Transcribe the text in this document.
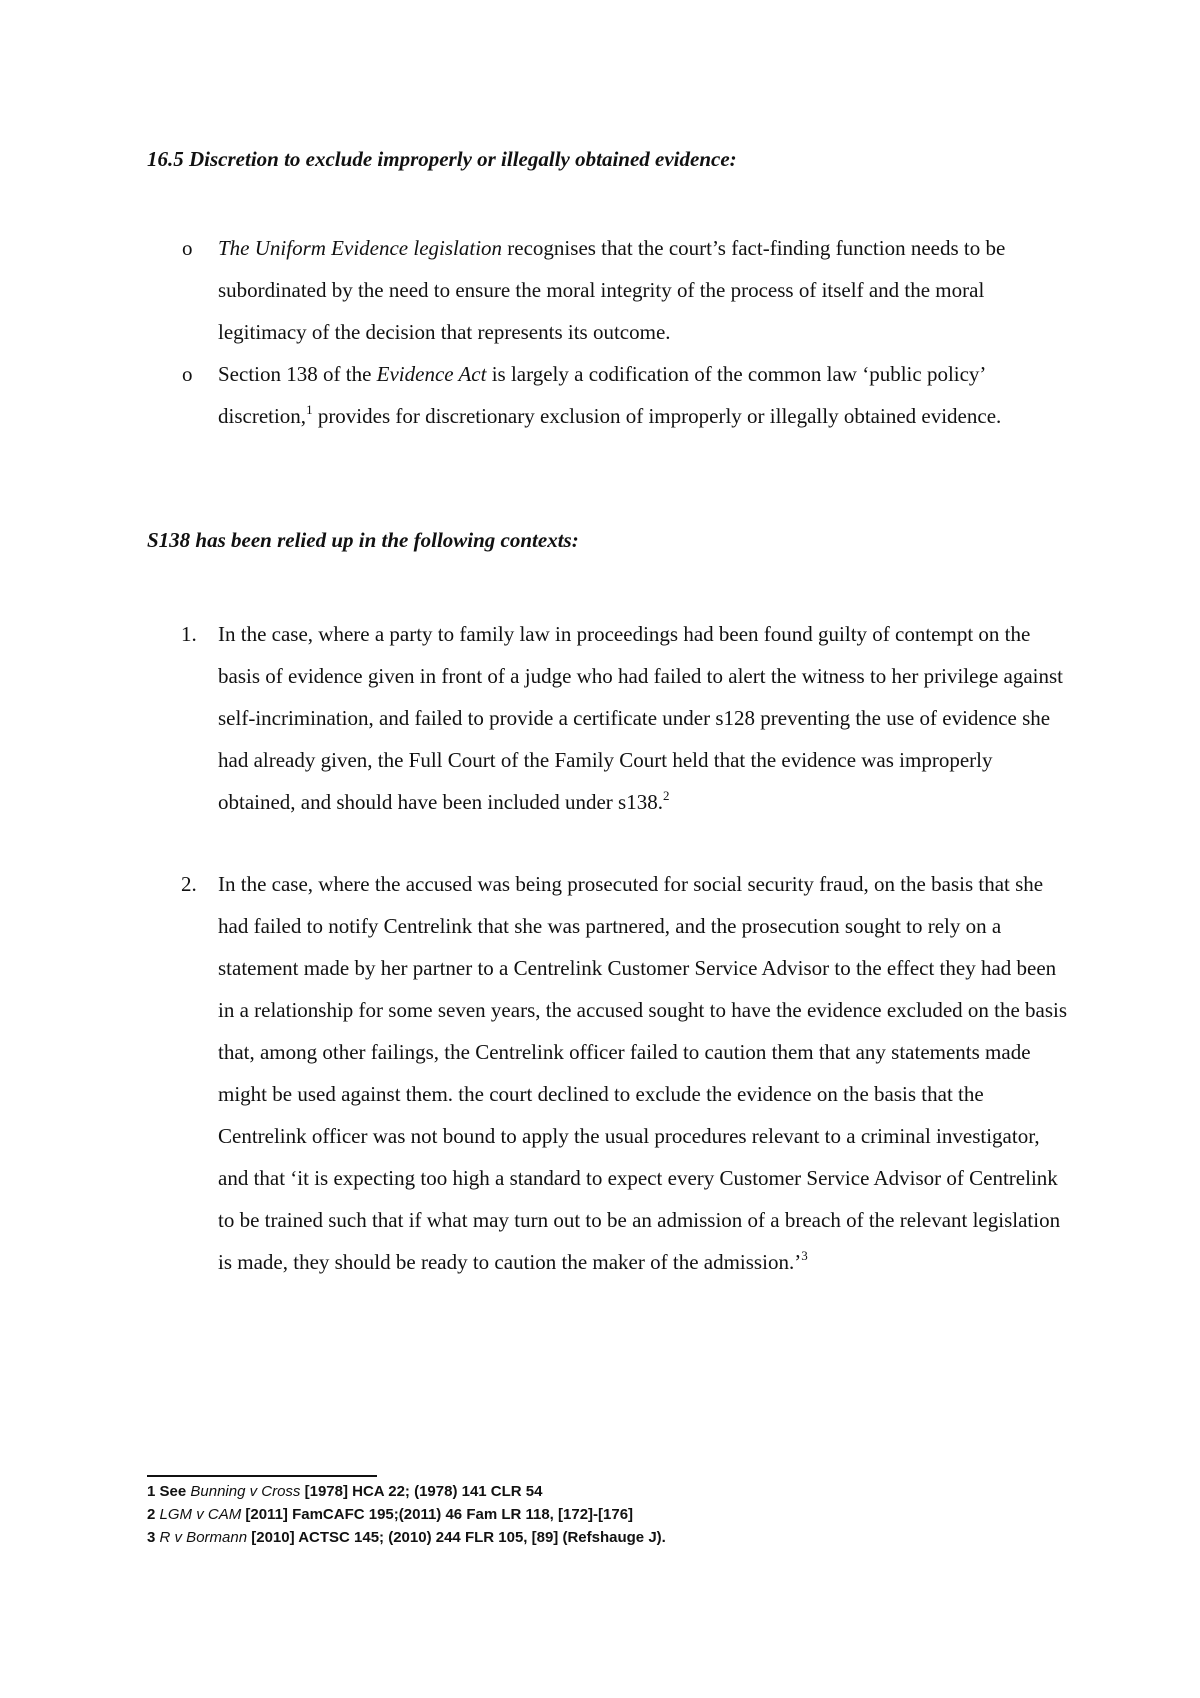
16.5 Discretion to exclude improperly or illegally obtained evidence:
o The Uniform Evidence legislation recognises that the court’s fact-finding function needs to be subordinated by the need to ensure the moral integrity of the process of itself and the moral legitimacy of the decision that represents its outcome.
o Section 138 of the Evidence Act is largely a codification of the common law ‘public policy’ discretion,$^1$ provides for discretionary exclusion of improperly or illegally obtained evidence.
S138 has been relied up in the following contexts:
1. In the case, where a party to family law in proceedings had been found guilty of contempt on the basis of evidence given in front of a judge who had failed to alert the witness to her privilege against self-incrimination, and failed to provide a certificate under s128 preventing the use of evidence she had already given, the Full Court of the Family Court held that the evidence was improperly obtained, and should have been included under s138.$^2$
2. In the case, where the accused was being prosecuted for social security fraud, on the basis that she had failed to notify Centrelink that she was partnered, and the prosecution sought to rely on a statement made by her partner to a Centrelink Customer Service Advisor to the effect they had been in a relationship for some seven years, the accused sought to have the evidence excluded on the basis that, among other failings, the Centrelink officer failed to caution them that any statements made might be used against them. the court declined to exclude the evidence on the basis that the Centrelink officer was not bound to apply the usual procedures relevant to a criminal investigator, and that ‘it is expecting too high a standard to expect every Customer Service Advisor of Centrelink to be trained such that if what may turn out to be an admission of a breach of the relevant legislation is made, they should be ready to caution the maker of the admission.’$^3$
1 See Bunning v Cross [1978] HCA 22; (1978) 141 CLR 54
2 LGM v CAM [2011] FamCAFC 195;(2011) 46 Fam LR 118, [172]-[176]
3 R v Bormann [2010] ACTSC 145; (2010) 244 FLR 105, [89] (Refshauge J).
